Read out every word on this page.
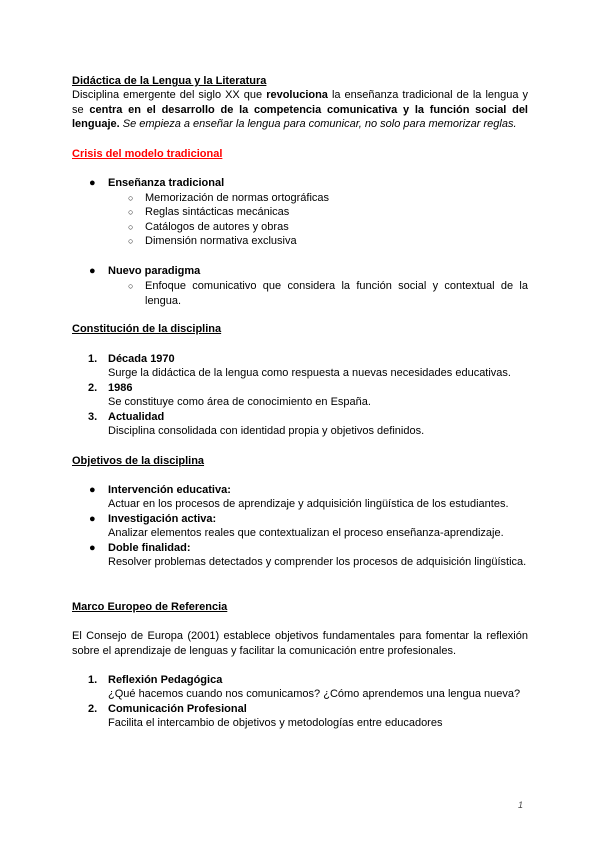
Didáctica de la Lengua y la Literatura
Disciplina emergente del siglo XX que revoluciona la enseñanza tradicional de la lengua y se centra en el desarrollo de la competencia comunicativa y la función social del lenguaje. Se empieza a enseñar la lengua para comunicar, no solo para memorizar reglas.
Crisis del modelo tradicional
● Enseñanza tradicional
○ Memorización de normas ortográficas
○ Reglas sintácticas mecánicas
○ Catálogos de autores y obras
○ Dimensión normativa exclusiva
● Nuevo paradigma
○ Enfoque comunicativo que considera la función social y contextual de la lengua.
Constitución de la disciplina
1. Década 1970
Surge la didáctica de la lengua como respuesta a nuevas necesidades educativas.
2. 1986
Se constituye como área de conocimiento en España.
3. Actualidad
Disciplina consolidada con identidad propia y objetivos definidos.
Objetivos de la disciplina
● Intervención educativa:
Actuar en los procesos de aprendizaje y adquisición lingüística de los estudiantes.
● Investigación activa:
Analizar elementos reales que contextualizan el proceso enseñanza-aprendizaje.
● Doble finalidad:
Resolver problemas detectados y comprender los procesos de adquisición lingüística.
Marco Europeo de Referencia
El Consejo de Europa (2001) establece objetivos fundamentales para fomentar la reflexión sobre el aprendizaje de lenguas y facilitar la comunicación entre profesionales.
1. Reflexión Pedagógica
¿Qué hacemos cuando nos comunicamos? ¿Cómo aprendemos una lengua nueva?
2. Comunicación Profesional
Facilita el intercambio de objetivos y metodologías entre educadores
1
